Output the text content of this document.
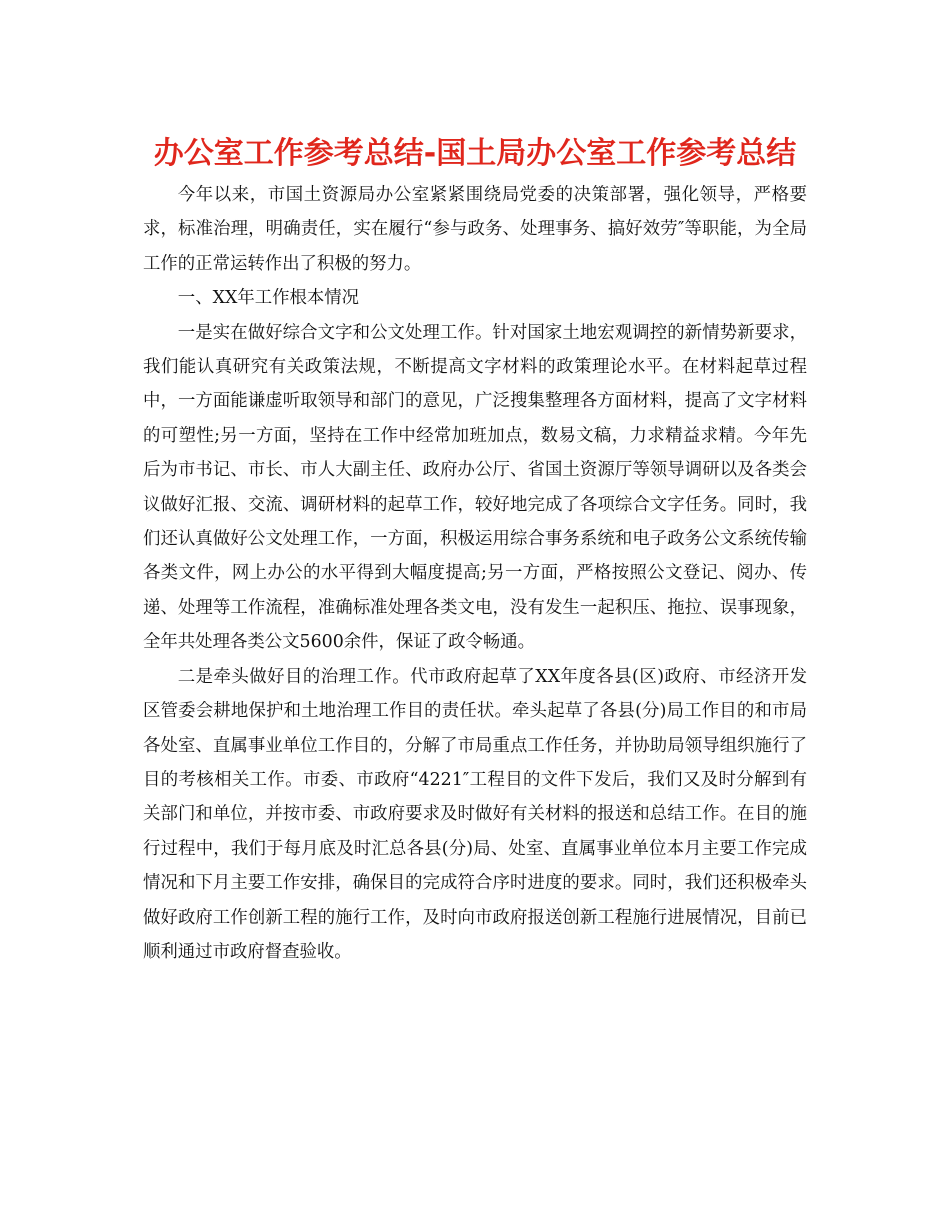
办公室工作参考总结-国土局办公室工作参考总结

今年以来，市国土资源局办公室紧紧围绕局党委的决策部署，强化领导，严格要求，标准治理，明确责任，实在履行“参与政务、处理事务、搞好效劳″等职能，为全局工作的正常运转作出了积极的努力。

一、XX年工作根本情况

一是实在做好综合文字和公文处理工作。针对国家土地宏观调控的新情势新要求，我们能认真研究有关政策法规，不断提高文字材料的政策理论水平。在材料起草过程中，一方面能谦虚听取领导和部门的意见，广泛搜集整理各方面材料，提高了文字材料的可塑性;另一方面，坚持在工作中经常加班加点，数易文稿，力求精益求精。今年先后为市书记、市长、市人大副主任、政府办公厅、省国土资源厅等领导调研以及各类会议做好汇报、交流、调研材料的起草工作，较好地完成了各项综合文字任务。同时，我们还认真做好公文处理工作，一方面，积极运用综合事务系统和电子政务公文系统传输各类文件，网上办公的水平得到大幅度提高;另一方面，严格按照公文登记、阅办、传递、处理等工作流程，准确标准处理各类文电，没有发生一起积压、拖拉、误事现象，全年共处理各类公文5600余件，保证了政令畅通。

二是牵头做好目的治理工作。代市政府起草了XX年度各县(区)政府、市经济开发区管委会耕地保护和土地治理工作目的责任状。牵头起草了各县(分)局工作目的和市局各处室、直属事业单位工作目的，分解了市局重点工作任务，并协助局领导组织施行了目的考核相关工作。市委、市政府“4221″工程目的文件下发后，我们又及时分解到有关部门和单位，并按市委、市政府要求及时做好有关材料的报送和总结工作。在目的施行过程中，我们于每月底及时汇总各县(分)局、处室、直属事业单位本月主要工作完成情况和下月主要工作安排，确保目的完成符合序时进度的要求。同时，我们还积极牵头做好政府工作创新工程的施行工作，及时向市政府报送创新工程施行进展情况，目前已顺利通过市政府督查验收。
